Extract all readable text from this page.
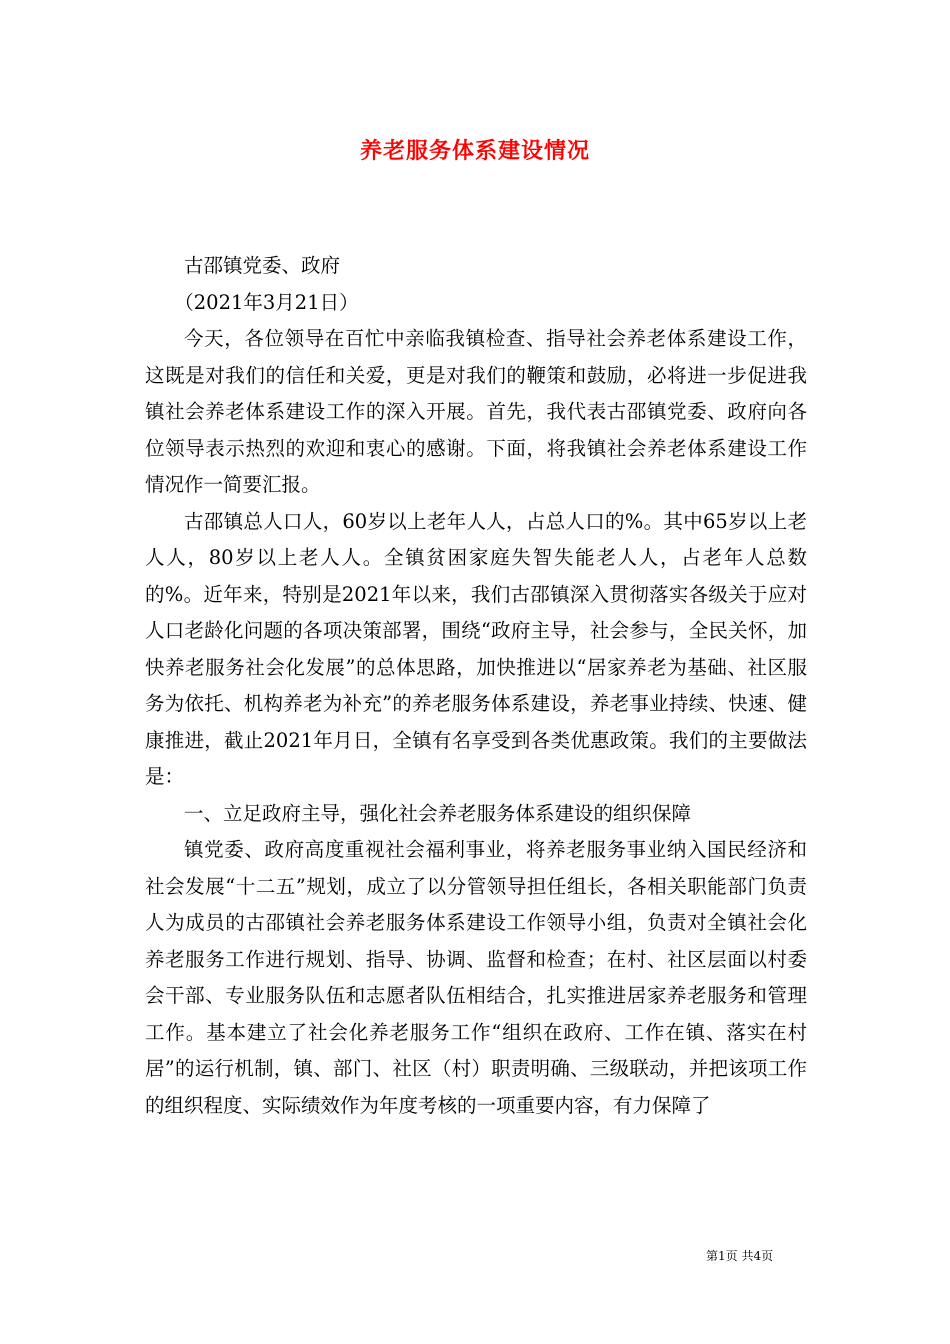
养老服务体系建设情况

古邵镇党委、政府

（2021年3月21日）

今天，各位领导在百忙中亲临我镇检查、指导社会养老体系建设工作，这既是对我们的信任和关爱，更是对我们的鞭策和鼓励，必将进一步促进我镇社会养老体系建设工作的深入开展。首先，我代表古邵镇党委、政府向各位领导表示热烈的欢迎和衷心的感谢。下面，将我镇社会养老体系建设工作情况作一简要汇报。

古邵镇总人口人，60岁以上老年人人，占总人口的%。其中65岁以上老人人，80岁以上老人人。全镇贫困家庭失智失能老人人，占老年人总数的%。近年来，特别是2021年以来，我们古邵镇深入贯彻落实各级关于应对人口老龄化问题的各项决策部署，围绕“政府主导，社会参与，全民关怀，加快养老服务社会化发展”的总体思路，加快推进以“居家养老为基础、社区服务为依托、机构养老为补充”的养老服务体系建设，养老事业持续、快速、健康推进，截止2021年月日，全镇有名享受到各类优惠政策。我们的主要做法是：

一、立足政府主导，强化社会养老服务体系建设的组织保障

镇党委、政府高度重视社会福利事业，将养老服务事业纳入国民经济和社会发展“十二五”规划，成立了以分管领导担任组长，各相关职能部门负责人为成员的古邵镇社会养老服务体系建设工作领导小组，负责对全镇社会化养老服务工作进行规划、指导、协调、监督和检查；在村、社区层面以村委会干部、专业服务队伍和志愿者队伍相结合，扎实推进居家养老服务和管理工作。基本建立了社会化养老服务工作“组织在政府、工作在镇、落实在村居”的运行机制，镇、部门、社区（村）职责明确、三级联动，并把该项工作的组织程度、实际绩效作为年度考核的一项重要内容，有力保障了

第1页 共4页
